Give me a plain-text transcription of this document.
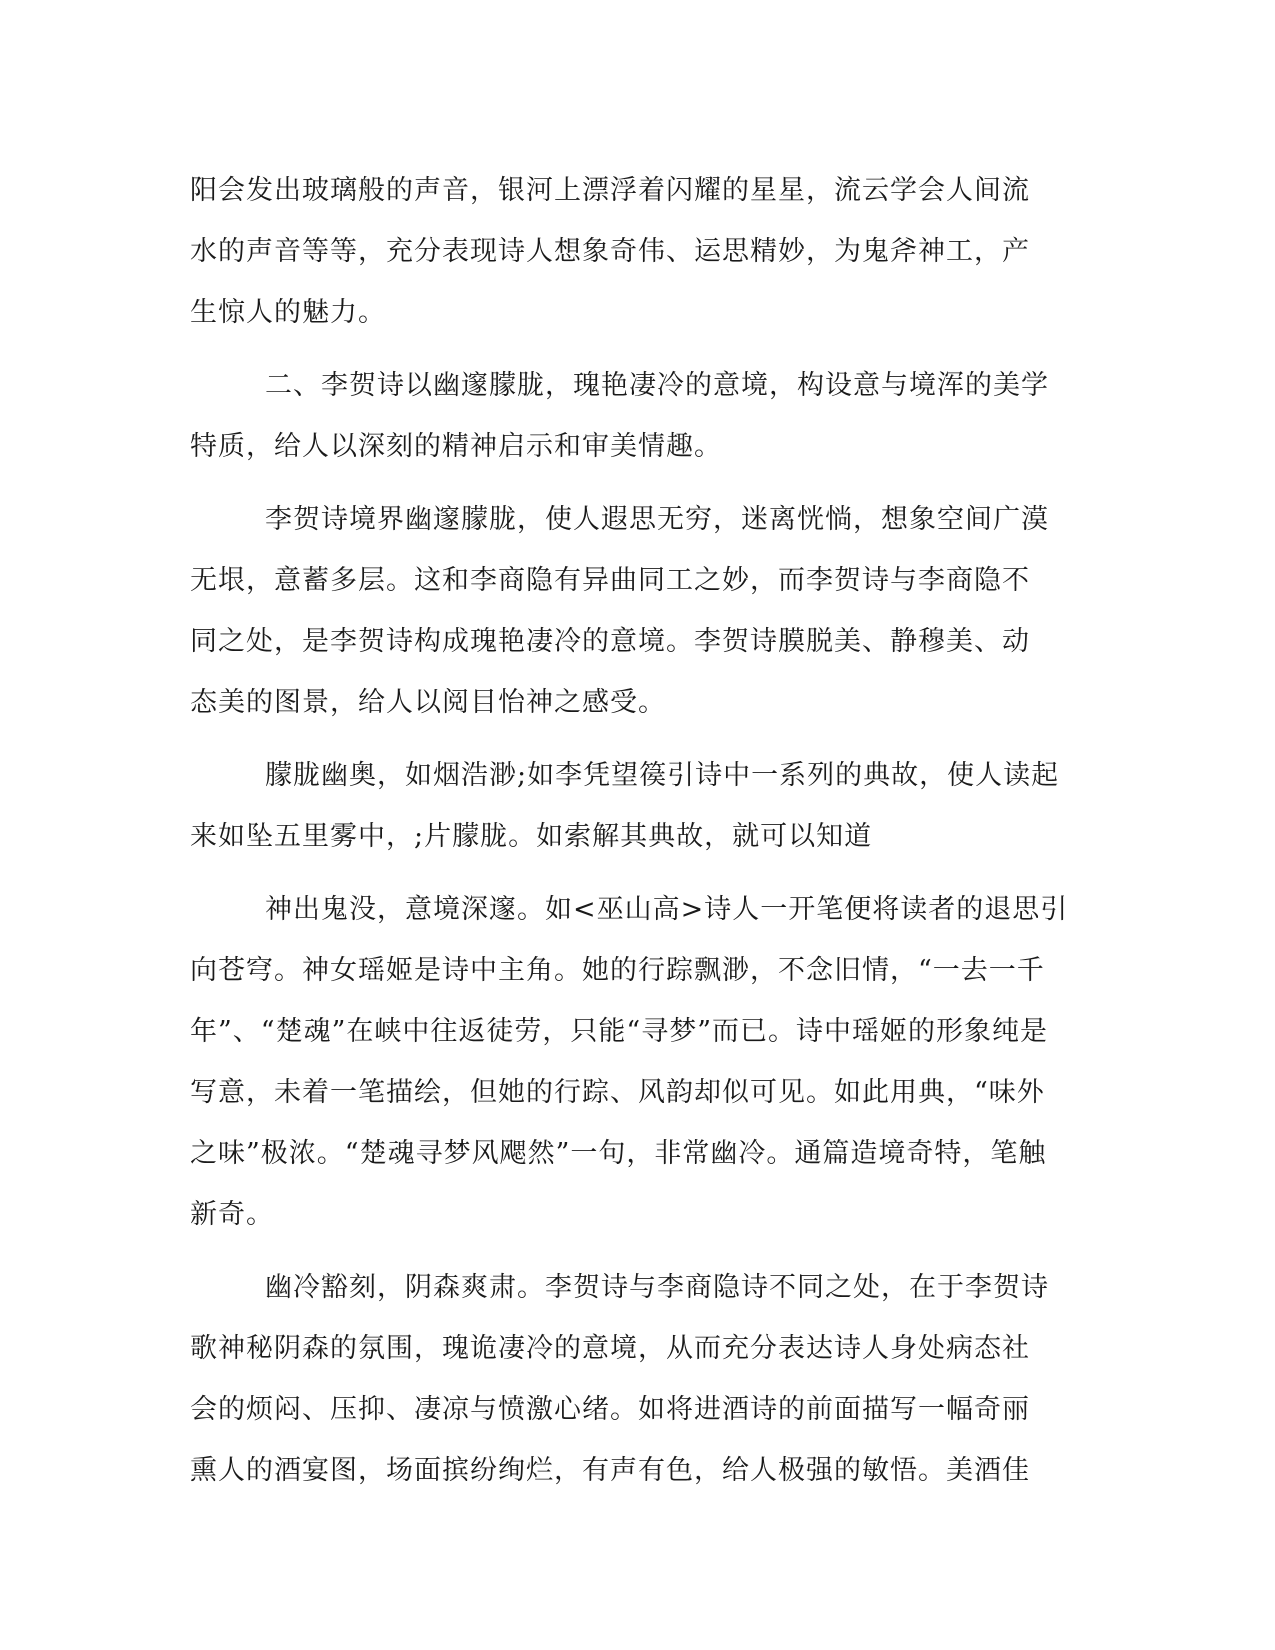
阳会发出玻璃般的声音，银河上漂浮着闪耀的星星，流云学会人间流
水的声音等等，充分表现诗人想象奇伟、运思精妙，为鬼斧神工，产
生惊人的魅力。
二、李贺诗以幽邃朦胧，瑰艳凄冷的意境，构设意与境浑的美学
特质，给人以深刻的精神启示和审美情趣。
李贺诗境界幽邃朦胧，使人遐思无穷，迷离恍惝，想象空间广漠
无垠，意蓄多层。这和李商隐有异曲同工之妙，而李贺诗与李商隐不
同之处，是李贺诗构成瑰艳凄冷的意境。李贺诗膜脱美、静穆美、动
态美的图景，给人以阅目怡神之感受。
朦胧幽奥，如烟浩渺;如李凭望篌引诗中一系列的典故，使人读起
来如坠五里雾中，;片朦胧。如索解其典故，就可以知道
神出鬼没，意境深邃。如<巫山高>诗人一开笔便将读者的退思引
向苍穹。神女瑶姬是诗中主角。她的行踪飘渺，不念旧情，“一去一千
年”、“楚魂”在峡中往返徒劳，只能“寻梦”而已。诗中瑶姬的形象纯是
写意，未着一笔描绘，但她的行踪、风韵却似可见。如此用典，“味外
之味”极浓。“楚魂寻梦风飔然”一句，非常幽冷。通篇造境奇特，笔触
新奇。
幽冷豁刻，阴森爽肃。李贺诗与李商隐诗不同之处，在于李贺诗
歌神秘阴森的氛围，瑰诡凄冷的意境，从而充分表达诗人身处病态社
会的烦闷、压抑、凄凉与愤激心绪。如将进酒诗的前面描写一幅奇丽
熏人的酒宴图，场面摈纷绚烂，有声有色，给人极强的敏悟。美酒佳
